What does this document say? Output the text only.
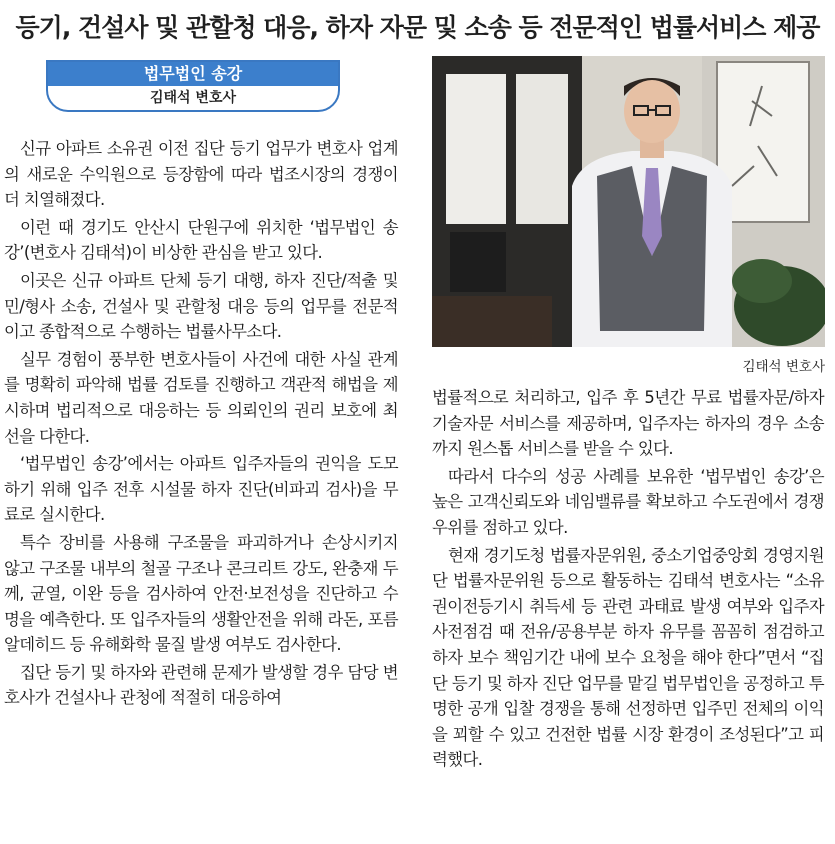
등기, 건설사 및 관할청 대응, 하자 자문 및 소송 등 전문적인 법률서비스 제공
법무법인 송강
김태석 변호사

신규 아파트 소유권 이전 집단 등기 업무가 변호사 업계의 새로운 수익원으로 등장함에 따라 법조시장의 경쟁이 더 치열해졌다.

이런 때 경기도 안산시 단원구에 위치한 ‘법무법인 송강’(변호사 김태석)이 비상한 관심을 받고 있다.

이곳은 신규 아파트 단체 등기 대행, 하자 진단/적출 및 민/형사 소송, 건설사 및 관할청 대응 등의 업무를 전문적이고 종합적으로 수행하는 법률사무소다.

실무 경험이 풍부한 변호사들이 사건에 대한 사실 관계를 명확히 파악해 법률 검토를 진행하고 객관적 해법을 제시하며 법리적으로 대응하는 등 의뢰인의 권리 보호에 최선을 다한다.

‘법무법인 송강’에서는 아파트 입주자들의 권익을 도모하기 위해 입주 전후 시설물 하자 진단(비파괴 검사)을 무료로 실시한다.

특수 장비를 사용해 구조물을 파괴하거나 손상시키지 않고 구조물 내부의 철골 구조나 콘크리트 강도, 완충재 두께, 균열, 이완 등을 검사하여 안전·보전성을 진단하고 수명을 예측한다. 또 입주자들의 생활안전을 위해 라돈, 포름알데히드 등 유해화학 물질 발생 여부도 검사한다.

집단 등기 및 하자와 관련해 문제가 발생할 경우 담당 변호사가 건설사나 관청에 적절히 대응하여

김태석 변호사

법률적으로 처리하고, 입주 후 5년간 무료 법률자문/하자기술자문 서비스를 제공하며, 입주자는 하자의 경우 소송까지 원스톱 서비스를 받을 수 있다.

따라서 다수의 성공 사례를 보유한 ‘법무법인 송강’은 높은 고객신뢰도와 네임밸류를 확보하고 수도권에서 경쟁 우위를 점하고 있다.

현재 경기도청 법률자문위원, 중소기업중앙회 경영지원단 법률자문위원 등으로 활동하는 김태석 변호사는 “소유권이전등기시 취득세 등 관련 과태료 발생 여부와 입주자 사전점검 때 전유/공용부분 하자 유무를 꼼꼼히 점검하고 하자 보수 책임기간 내에 보수 요청을 해야 한다”면서 “집단 등기 및 하자 진단 업무를 맡길 법무법인을 공정하고 투명한 공개 입찰 경쟁을 통해 선정하면 입주민 전체의 이익을 꾀할 수 있고 건전한 법률 시장 환경이 조성된다”고 피력했다.
